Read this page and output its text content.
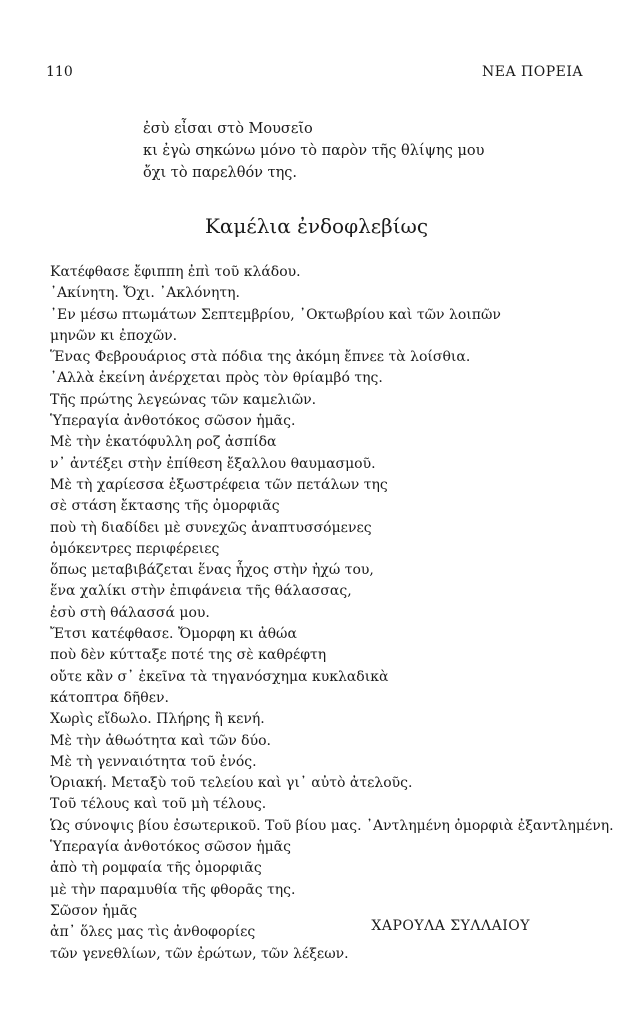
110	ΝΕΑ ΠΟΡΕΙΑ
ἐσὺ εἶσαι στὸ Μουσεῖο
κι ἐγὼ σηκώνω μόνο τὸ παρὸν τῆς θλίψης μου
ὄχι τὸ παρελθόν της.
Καμέλια ἐνδοφλεβίως
Κατέφθασε ἔφιππη ἐπὶ τοῦ κλάδου.
᾿Ακίνητη. Ὄχι. ᾿Ακλόνητη.
᾿Εν μέσω πτωμάτων Σεπτεμβρίου, ᾿Οκτωβρίου καὶ τῶν λοιπῶν
μηνῶν κι ἐποχῶν.
Ἕνας Φεβρουάριος στὰ πόδια της ἀκόμη ἔπνεε τὰ λοίσθια.
᾿Αλλὰ ἐκείνη ἀνέρχεται πρὸς τὸν θρίαμβό της.
Τῆς πρώτης λεγεώνας τῶν καμελιῶν.
Ὑπεραγία ἀνθοτόκος σῶσον ἡμᾶς.
Μὲ τὴν ἑκατόφυλλη ροζ ἀσπίδα
ν᾿ ἀντέξει στὴν ἐπίθεση ἔξαλλου θαυμασμοῦ.
Μὲ τὴ χαρίεσσα ἐξωστρέφεια τῶν πετάλων της
σὲ στάση ἔκτασης τῆς ὀμορφιᾶς
ποὺ τὴ διαδίδει μὲ συνεχῶς ἀναπτυσσόμενες
ὁμόκεντρες περιφέρειες
ὅπως μεταβιβάζεται ἕνας ἦχος στὴν ἠχώ του,
ἕνα χαλίκι στὴν ἐπιφάνεια τῆς θάλασσας,
ἐσὺ στὴ θάλασσά μου.
Ἔτσι κατέφθασε. Ὄμορφη κι ἀθώα
ποὺ δὲν κύτταξε ποτέ της σὲ καθρέφτη
οὔτε κἂν σ᾿ ἐκεῖνα τὰ τηγανόσχημα κυκλαδικὰ
κάτοπτρα δῆθεν.
Χωρὶς εἴδωλο. Πλήρης ἢ κενή.
Μὲ τὴν ἀθωότητα καὶ τῶν δύο.
Μὲ τὴ γενναιότητα τοῦ ἑνός.
Ὁριακή. Μεταξὺ τοῦ τελείου καὶ γι᾿ αὐτὸ ἀτελοῦς.
Τοῦ τέλους καὶ τοῦ μὴ τέλους.
Ὡς σύνοψις βίου ἐσωτερικοῦ. Τοῦ βίου μας. ᾿Αντλημένη ὀμορφιὰ ἐξαντλημένη.
Ὑπεραγία ἀνθοτόκος σῶσον ἡμᾶς
ἀπὸ τὴ ρομφαία τῆς ὀμορφιᾶς
μὲ τὴν παραμυθία τῆς φθορᾶς της.
Σῶσον ἡμᾶς
ἀπ᾿ ὅλες μας τὶς ἀνθοφορίες
τῶν γενεθλίων, τῶν ἐρώτων, τῶν λέξεων.
ΧΑΡΟΥΛΑ ΣΥΛΛΑΙΟΥ
